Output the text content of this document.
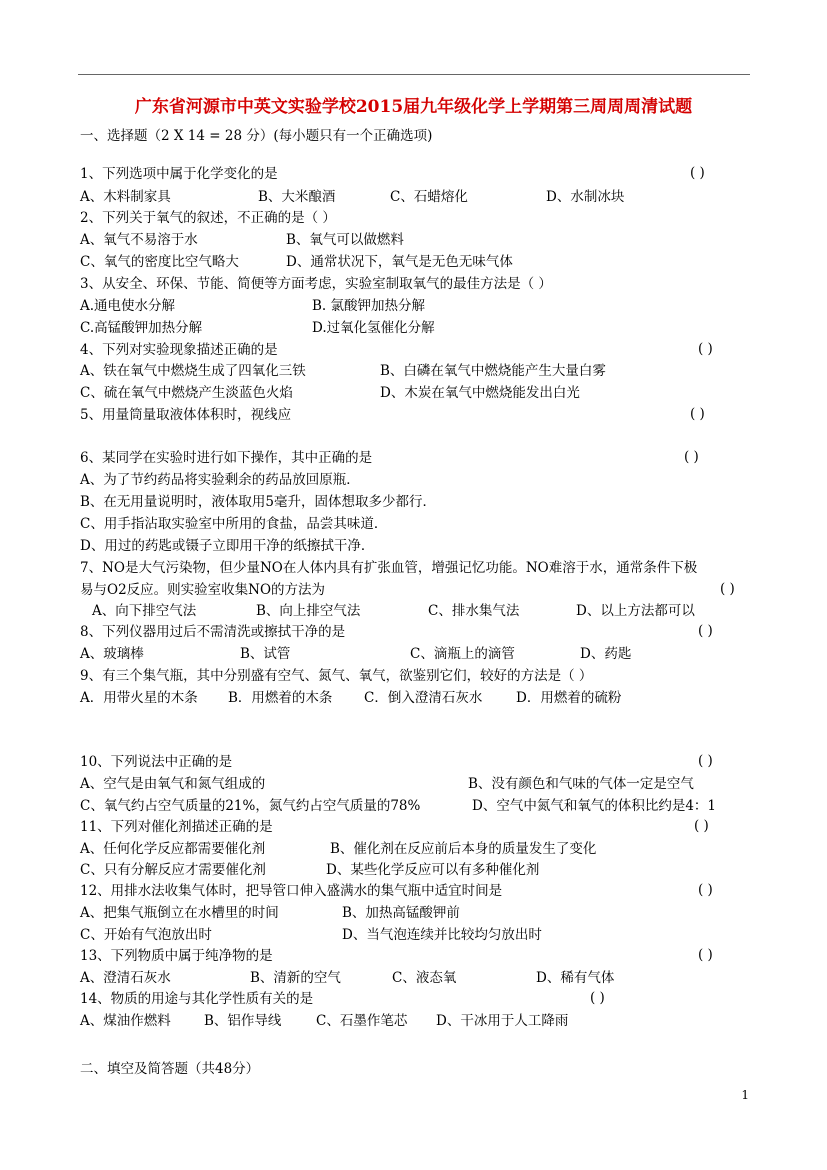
广东省河源市中英文实验学校2015届九年级化学上学期第三周周周清试题
一、选择题（2 X 14 = 28 分）(每小题只有一个正确选项)
1、下列选项中属于化学变化的是	( )
A、木料制家具	B、大米酿酒	C、石蜡熔化	D、水制冰块
2、下列关于氧气的叙述，不正确的是（ ）
A、氧气不易溶于水	B、氧气可以做燃料
C、氧气的密度比空气略大	D、通常状况下，氧气是无色无味气体
3、从安全、环保、节能、简便等方面考虑，实验室制取氧气的最佳方法是（ ）
A.通电使水分解	B. 氯酸钾加热分解
C.高锰酸钾加热分解	D.过氧化氢催化分解
4、下列对实验现象描述正确的是	( )
A、铁在氧气中燃烧生成了四氧化三铁	B、白磷在氧气中燃烧能产生大量白雾
C、硫在氧气中燃烧产生淡蓝色火焰	D、木炭在氧气中燃烧能发出白光
5、用量筒量取液体体积时，视线应	( )
6、某同学在实验时进行如下操作，其中正确的是	( )
A、为了节约药品将实验剩余的药品放回原瓶．
B、在无用量说明时，液体取用5毫升，固体想取多少都行．
C、用手指沾取实验室中所用的食盐，品尝其味道．
D、用过的药匙或镊子立即用干净的纸擦拭干净．
7、NO是大气污染物，但少量NO在人体内具有扩张血管，增强记忆功能。NO难溶于水，通常条件下极
易与O2反应。则实验室收集NO的方法为	( )
A、向下排空气法	B、向上排空气法	C、排水集气法	D、以上方法都可以
8、下列仪器用过后不需清洗或擦拭干净的是	( )
A、玻璃棒	B、试管	C、滴瓶上的滴管	D、药匙
9、有三个集气瓶，其中分别盛有空气、氮气、氧气，欲鉴别它们，较好的方法是（ ）
A．用带火星的木条 B．用燃着的木条 C．倒入澄清石灰水 D．用燃着的硫粉
10、下列说法中正确的是	( )
A、空气是由氧气和氮气组成的	B、没有颜色和气味的气体一定是空气
C、氧气约占空气质量的21%，氮气约占空气质量的78%	D、空气中氮气和氧气的体积比约是4：1
11、下列对催化剂描述正确的是	( )
A、任何化学反应都需要催化剂	B、催化剂在反应前后本身的质量发生了变化
C、只有分解反应才需要催化剂	D、某些化学反应可以有多种催化剂
12、用排水法收集气体时，把导管口伸入盛满水的集气瓶中适宜时间是	( )
A、把集气瓶倒立在水槽里的时间	B、加热高锰酸钾前
C、开始有气泡放出时	D、当气泡连续并比较均匀放出时
13、下列物质中属于纯净物的是	( )
A、澄清石灰水	B、清新的空气	C、液态氧	D、稀有气体
14、物质的用途与其化学性质有关的是	( )
A、煤油作燃料 B、铝作导线	C、石墨作笔芯 D、干冰用于人工降雨
二、填空及简答题（共48分）
1
